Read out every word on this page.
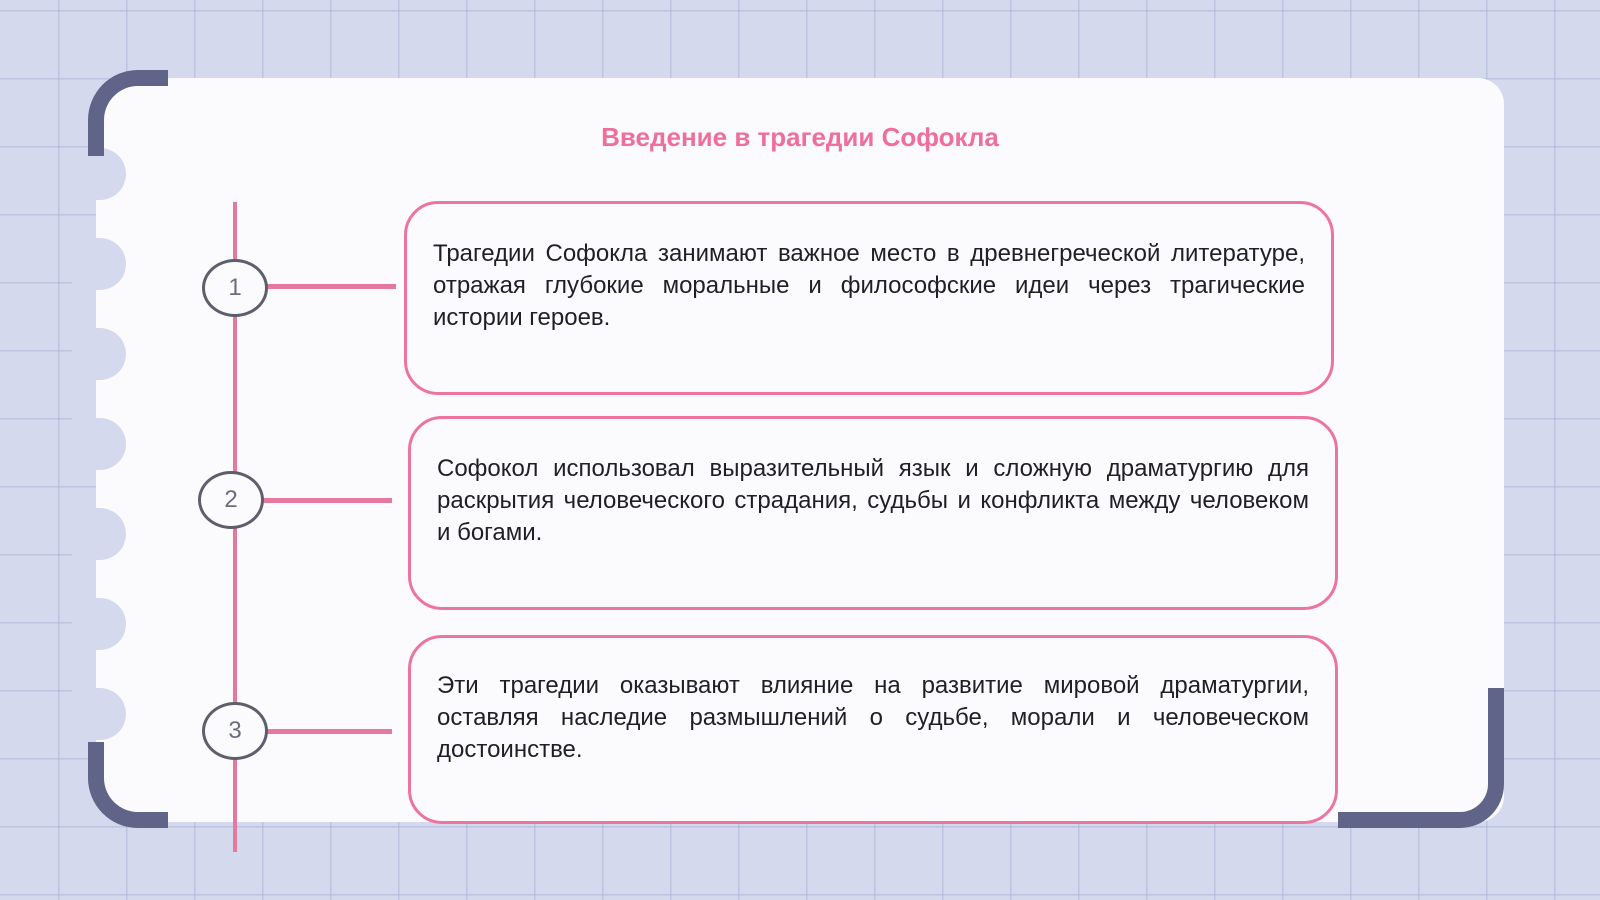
Введение в трагедии Софокла
1
2
3

Трагедии Софокла занимают важное место в древнегреческой литературе, отражая глубокие моральные и философские идеи через трагические истории героев.

Софокол использовал выразительный язык и сложную драматургию для раскрытия человеческого страдания, судьбы и конфликта между человеком и богами.

Эти трагедии оказывают влияние на развитие мировой драматургии, оставляя наследие размышлений о судьбе, морали и человеческом достоинстве.
